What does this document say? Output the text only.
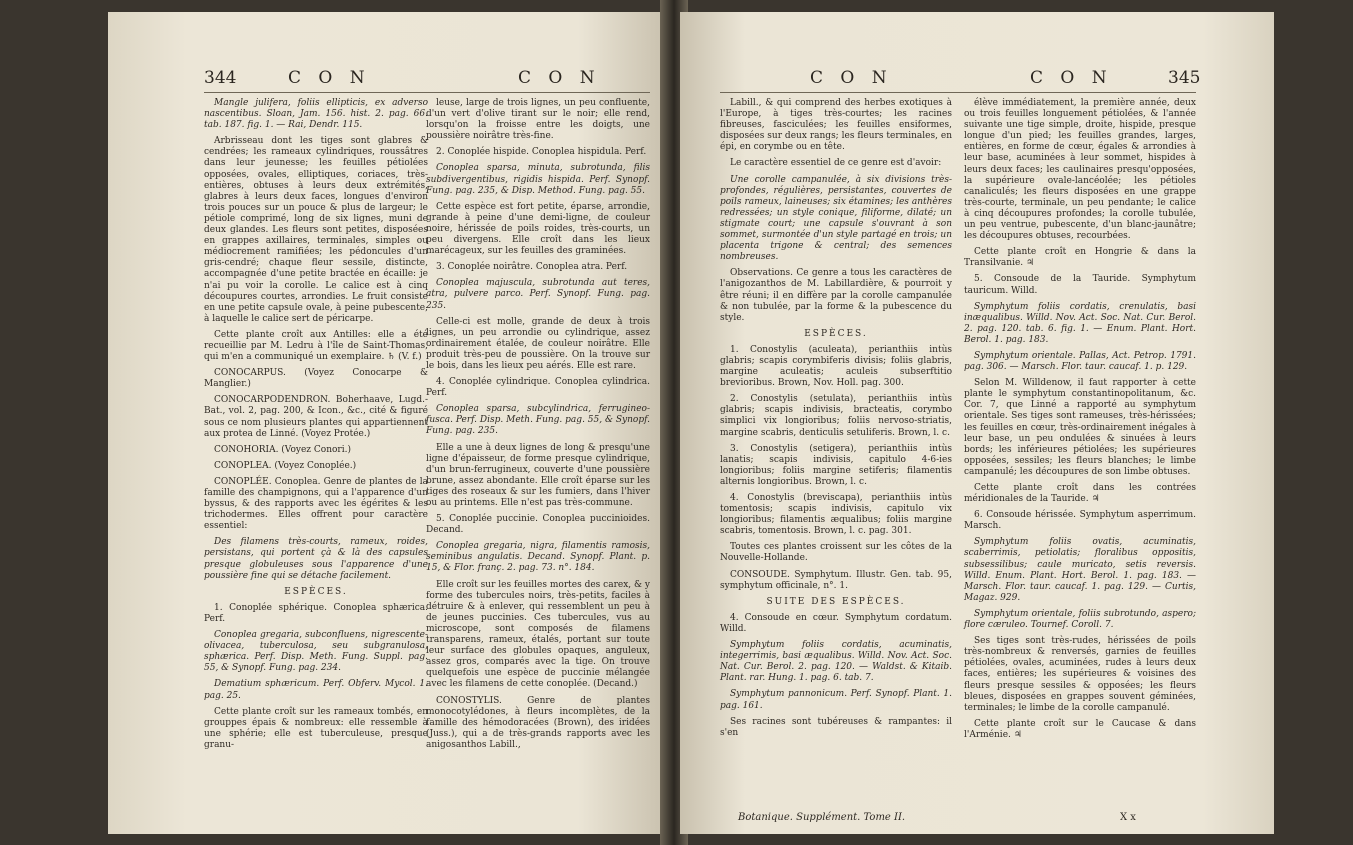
344	C O N	C O N

Mangle julifera, foliis ellipticis, ex adverso nascentibus. Sloan, Jam. 156. hist. 2. pag. 66. tab. 187. fig. 1. — Rai, Dendr. 115.

Arbrisseau dont les tiges sont glabres & cendrées; les rameaux cylindriques, roussâtres dans leur jeunesse; les feuilles pétiolées opposées, ovales, elliptiques, coriaces, très-entières, obtuses à leurs deux extrémités, glabres à leurs deux faces, longues d'environ trois pouces sur un pouce & plus de largeur; le pétiole comprimé, long de six lignes, muni de deux glandes. Les fleurs sont petites, disposées en grappes axillaires, terminales, simples ou médiocrement ramifiées; les pédoncules d'un gris-cendré; chaque fleur sessile, distincte, accompagnée d'une petite bractée en écaille: je n'ai pu voir la corolle. Le calice est à cinq découpures courtes, arrondies. Le fruit consiste en une petite capsule ovale, à peine pubescente, à laquelle le calice sert de péricarpe.

Cette plante croît aux Antilles: elle a été recueillie par M. Ledru à l'île de Saint-Thomas, qui m'en a communiqué un exemplaire. ♄ (V. f.)

CONOCARPUS. (Voyez Conocarpe & Manglier.)

CONOCARPODENDRON. Boherhaave, Lugd.-Bat., vol. 2, pag. 200, & Icon., &c., cité & figuré sous ce nom plusieurs plantes qui appartiennent aux protea de Linné. (Voyez Protée.)

CONOHORIA. (Voyez Conori.)

CONOPLEA. (Voyez Conoplée.)

CONOPLÉE. Conoplea. Genre de plantes de la famille des champignons, qui a l'apparence d'un byssus, & des rapports avec les égérites & les trichodermes. Elles offrent pour caractère essentiel:

Des filamens très-courts, rameux, roides, persistans, qui portent çà & là des capsules presque globuleuses sous l'apparence d'une poussière fine qui se détache facilement.

ESPÈCES.

1. Conoplée sphérique. Conoplea sphærica. Perf.

Conoplea gregaria, subconfluens, nigrescente-olivacea, tuberculosa, seu subgranulosa, sphærica. Perf. Disp. Meth. Fung. Suppl. pag. 55, & Synopf. Fung. pag. 234.

Dematium sphæricum. Perf. Obferv. Mycol. 1. pag. 25.

Cette plante croît sur les rameaux tombés, en grouppes épais & nombreux: elle ressemble à une sphérie; elle est tuberculeuse, presque granu-

leuse, large de trois lignes, un peu confluente, d'un vert d'olive tirant sur le noir; elle rend, lorsqu'on la froisse entre les doigts, une poussière noirâtre très-fine.

2. Conoplée hispide. Conoplea hispidula. Perf.

Conoplea sparsa, minuta, subrotunda, filis subdivergentibus, rigidis hispida. Perf. Synopf. Fung. pag. 235, & Disp. Method. Fung. pag. 55.

Cette espèce est fort petite, éparse, arrondie, grande à peine d'une demi-ligne, de couleur noire, hérissée de poils roides, très-courts, un peu divergens. Elle croît dans les lieux marécageux, sur les feuilles des graminées.

3. Conoplée noirâtre. Conoplea atra. Perf.

Conoplea majuscula, subrotunda aut teres, atra, pulvere parco. Perf. Synopf. Fung. pag. 235.

Celle-ci est molle, grande de deux à trois lignes, un peu arrondie ou cylindrique, assez ordinairement étalée, de couleur noirâtre. Elle produit très-peu de poussière. On la trouve sur le bois, dans les lieux peu aérés. Elle est rare.

4. Conoplée cylindrique. Conoplea cylindrica. Perf.

Conoplea sparsa, subcylindrica, ferrugineo-fusca. Perf. Disp. Meth. Fung. pag. 55, & Synopf. Fung. pag. 235.

Elle a une à deux lignes de long & presqu'une ligne d'épaisseur, de forme presque cylindrique, d'un brun-ferrugineux, couverte d'une poussière brune, assez abondante. Elle croît éparse sur les tiges des roseaux & sur les fumiers, dans l'hiver ou au printems. Elle n'est pas très-commune.

5. Conoplée puccinie. Conoplea puccinioides. Decand.

Conoplea gregaria, nigra, filamentis ramosis, seminibus angulatis. Decand. Synopf. Plant. p. 15, & Flor. franç. 2. pag. 73. n°. 184.

Elle croît sur les feuilles mortes des carex, & y forme des tubercules noirs, très-petits, faciles à détruire & à enlever, qui ressemblent un peu à de jeunes puccinies. Ces tubercules, vus au microscope, sont composés de filamens transparens, rameux, étalés, portant sur toute leur surface des globules opaques, anguleux, assez gros, comparés avec la tige. On trouve quelquefois une espèce de puccinie mélangée avec les filamens de cette conoplée. (Decand.)

CONOSTYLIS. Genre de plantes monocotylédones, à fleurs incomplètes, de la famille des hémodoracées (Brown), des iridées (Juss.), qui a de très-grands rapports avec les anigosanthos Labill.,

C O N	C O N	345

Labill., & qui comprend des herbes exotiques à l'Europe, à tiges très-courtes; les racines fibreuses, fasciculées; les feuilles ensiformes, disposées sur deux rangs; les fleurs terminales, en épi, en corymbe ou en tête.

Le caractère essentiel de ce genre est d'avoir:

Une corolle campanulée, à six divisions très-profondes, régulières, persistantes, couvertes de poils rameux, laineuses; six étamines; les anthères redressées; un style conique, filiforme, dilaté; un stigmate court; une capsule s'ouvrant à son sommet, surmontée d'un style partagé en trois; un placenta trigone & central; des semences nombreuses.

Observations. Ce genre a tous les caractères de l'anigozanthos de M. Labillardière, & pourroit y être réuni; il en diffère par la corolle campanulée & non tubulée, par la forme & la pubescence du style.

ESPÈCES.

1. Conostylis (aculeata), perianthiis intùs glabris; scapis corymbiferis divisis; foliis glabris, margine aculeatis; aculeis subserftitio brevioribus. Brown, Nov. Holl. pag. 300.

2. Conostylis (setulata), perianthiis intùs glabris; scapis indivisis, bracteatis, corymbo simplici vix longioribus; foliis nervoso-striatis, margine scabris, denticulis setuliferis. Brown, l. c.

3. Conostylis (setigera), perianthiis intùs lanatis; scapis indivisis, capitulo 4-6-ies longioribus; foliis margine setiferis; filamentis alternis longioribus. Brown, l. c.

4. Conostylis (breviscapa), perianthiis intùs tomentosis; scapis indivisis, capitulo vix longioribus; filamentis æqualibus; foliis margine scabris, tomentosis. Brown, l. c. pag. 301.

Toutes ces plantes croissent sur les côtes de la Nouvelle-Hollande.

CONSOUDE. Symphytum. Illustr. Gen. tab. 95, symphytum officinale, n°. 1.

SUITE DES ESPÈCES.

4. Consoude en cœur. Symphytum cordatum. Willd.

Symphytum foliis cordatis, acuminatis, integerrimis, basi æqualibus. Willd. Nov. Act. Soc. Nat. Cur. Berol. 2. pag. 120. — Waldst. & Kitaib. Plant. rar. Hung. 1. pag. 6. tab. 7.

Symphytum pannonicum. Perf. Synopf. Plant. 1. pag. 161.

Ses racines sont tubéreuses & rampantes: il s'en

élève immédiatement, la première année, deux ou trois feuilles longuement pétiolées, & l'année suivante une tige simple, droite, hispide, presque longue d'un pied; les feuilles grandes, larges, entières, en forme de cœur, égales & arrondies à leur base, acuminées à leur sommet, hispides à leurs deux faces; les caulinaires presqu'opposées, la supérieure ovale-lancéolée; les pétioles canaliculés; les fleurs disposées en une grappe très-courte, terminale, un peu pendante; le calice à cinq découpures profondes; la corolle tubulée, un peu ventrue, pubescente, d'un blanc-jaunâtre; les découpures obtuses, recourbées.

Cette plante croît en Hongrie & dans la Transilvanie. ♃

5. Consoude de la Tauride. Symphytum tauricum. Willd.

Symphytum foliis cordatis, crenulatis, basi inæqualibus. Willd. Nov. Act. Soc. Nat. Cur. Berol. 2. pag. 120. tab. 6. fig. 1. — Enum. Plant. Hort. Berol. 1. pag. 183.

Symphytum orientale. Pallas, Act. Petrop. 1791. pag. 306. — Marsch. Flor. taur. caucaf. 1. p. 129.

Selon M. Willdenow, il faut rapporter à cette plante le symphytum constantinopolitanum, &c. Cor. 7, que Linné a rapporté au symphytum orientale. Ses tiges sont rameuses, très-hérissées; les feuilles en cœur, très-ordinairement inégales à leur base, un peu ondulées & sinuées à leurs bords; les inférieures pétiolées; les supérieures opposées, sessiles; les fleurs blanches; le limbe campanulé; les découpures de son limbe obtuses.

Cette plante croît dans les contrées méridionales de la Tauride. ♃

6. Consoude hérissée. Symphytum asperrimum. Marsch.

Symphytum foliis ovatis, acuminatis, scaberrimis, petiolatis; floralibus oppositis, subsessilibus; caule muricato, setis reversis. Willd. Enum. Plant. Hort. Berol. 1. pag. 183. — Marsch. Flor. taur. caucaf. 1. pag. 129. — Curtis, Magaz. 929.

Symphytum orientale, foliis subrotundo, aspero; flore cæruleo. Tournef. Coroll. 7.

Ses tiges sont très-rudes, hérissées de poils très-nombreux & renversés, garnies de feuilles pétiolées, ovales, acuminées, rudes à leurs deux faces, entières; les supérieures & voisines des fleurs presque sessiles & opposées; les fleurs bleues, disposées en grappes souvent géminées, terminales; le limbe de la corolle campanulé.

Cette plante croît sur le Caucase & dans l'Arménie. ♃

Botanique. Supplément. Tome II.	X x
